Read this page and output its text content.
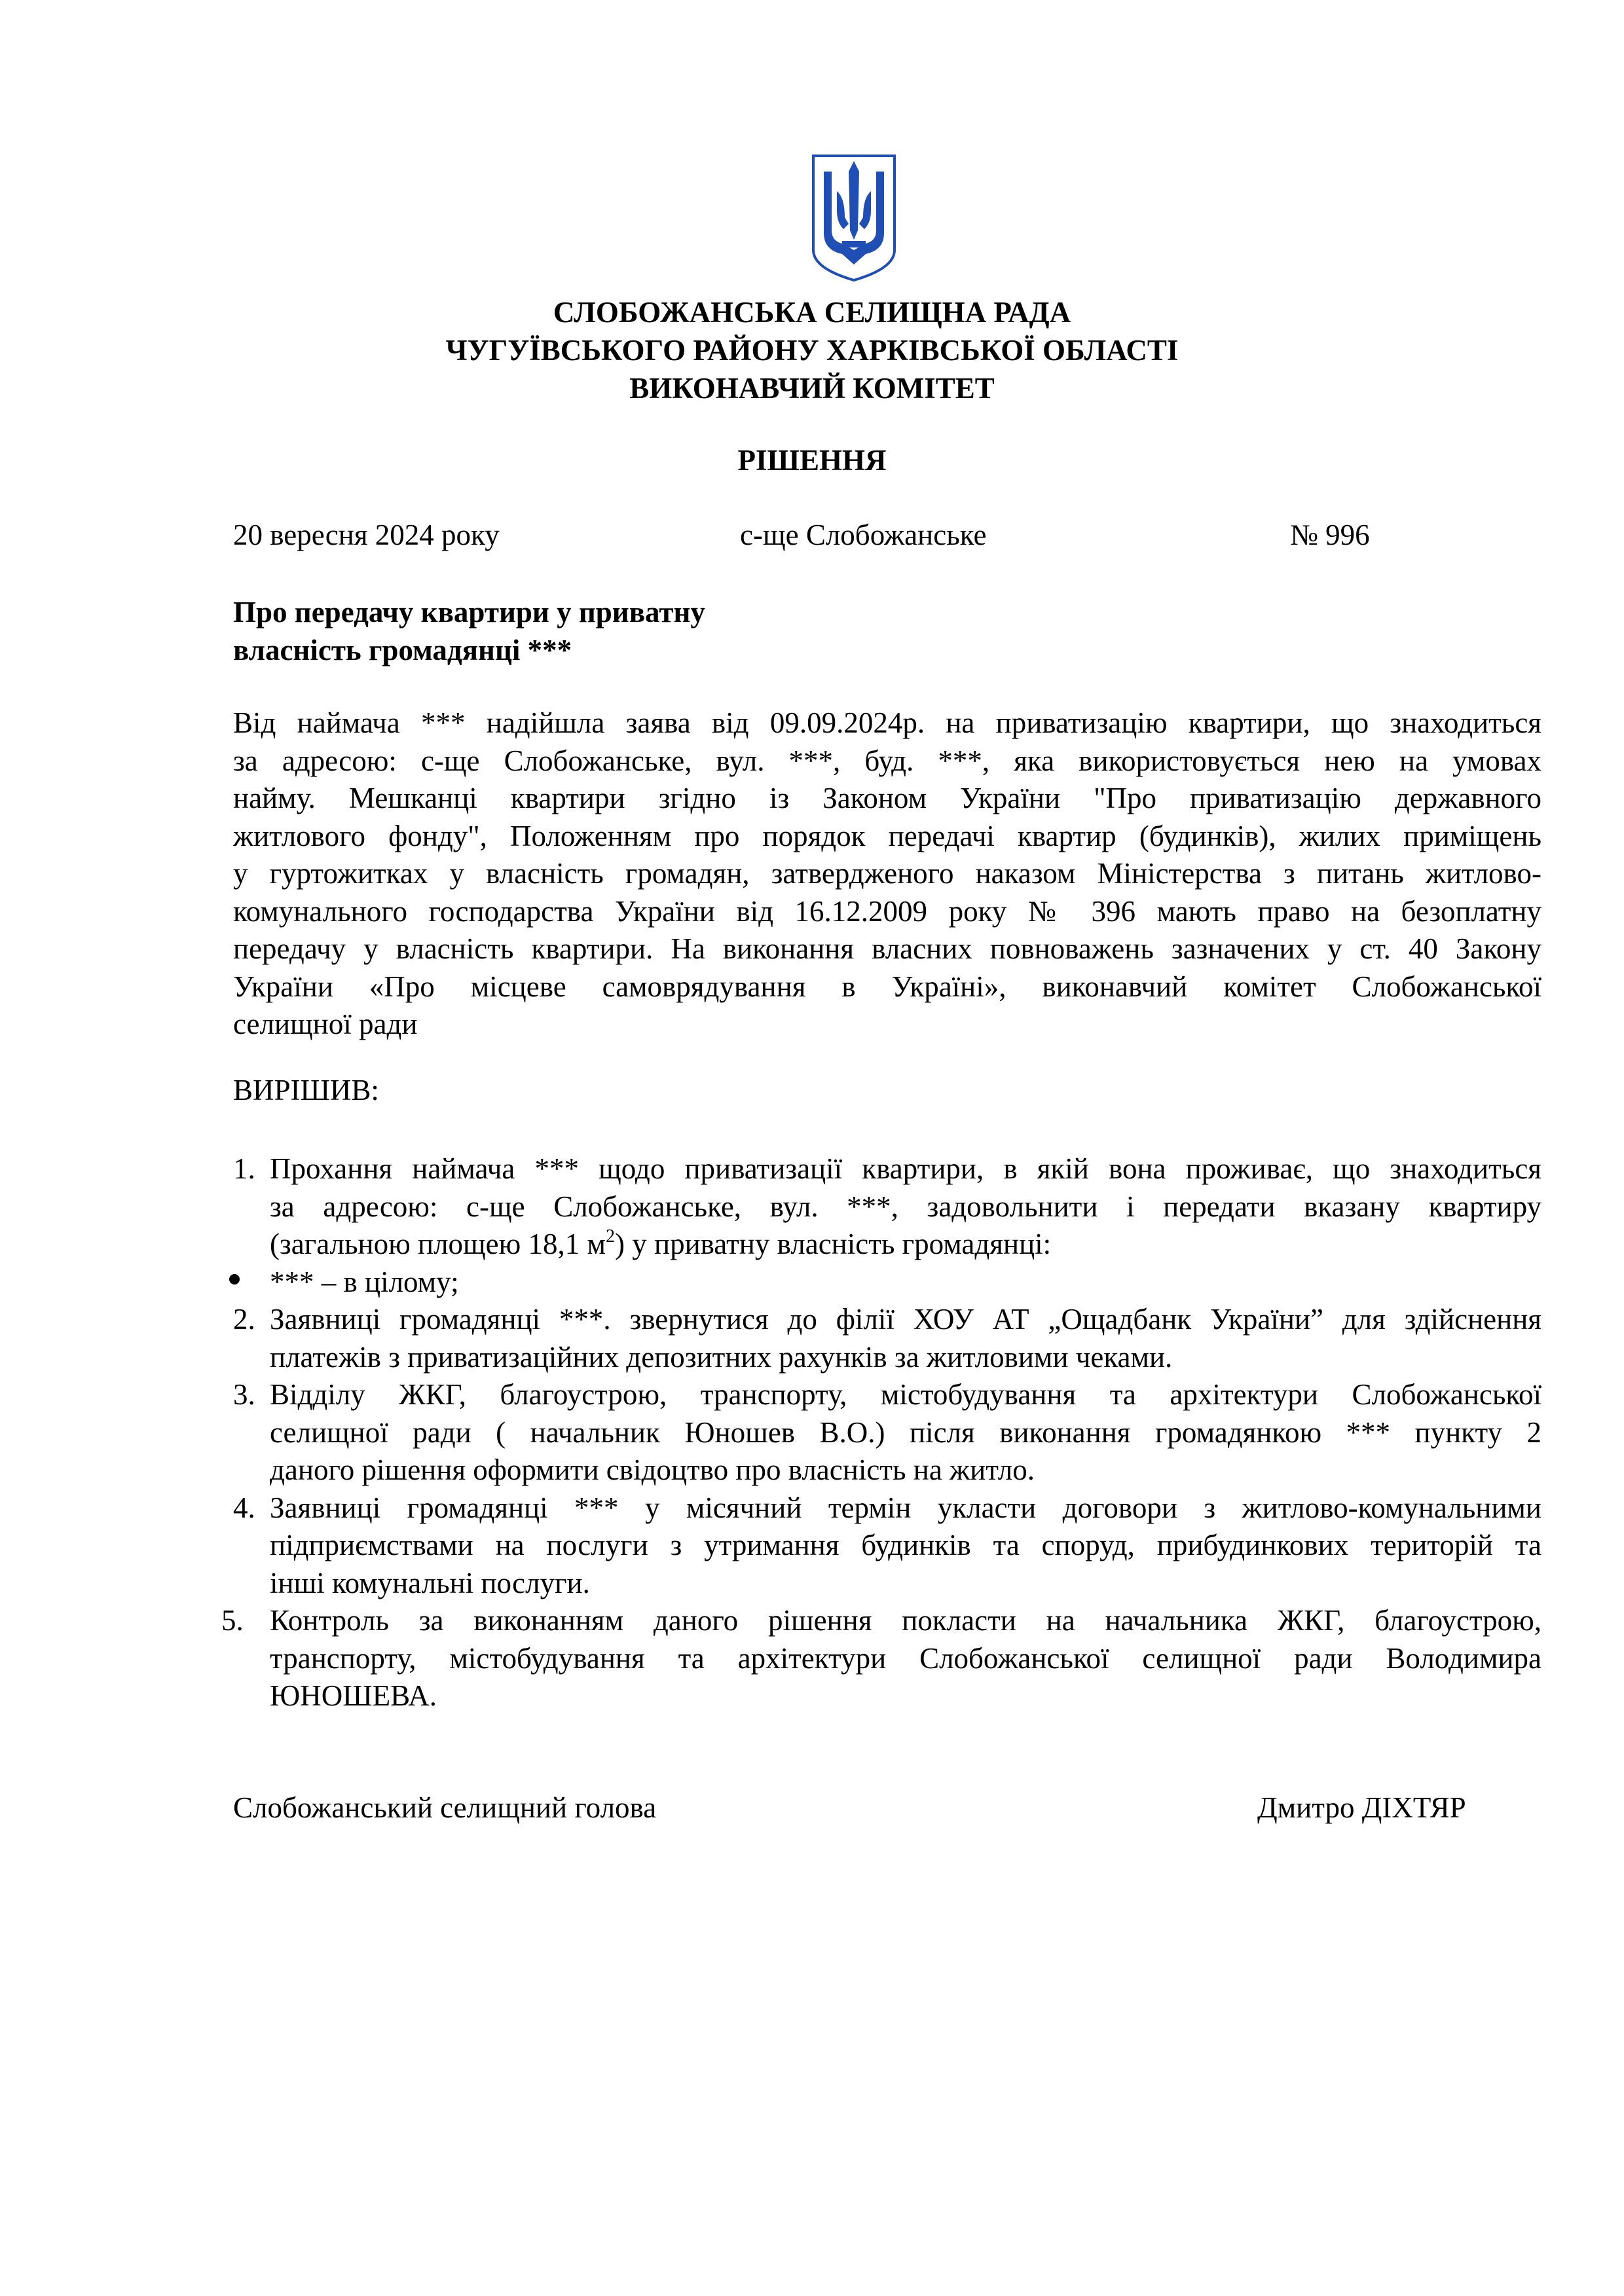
СЛОБОЖАНСЬКА СЕЛИЩНА РАДА
ЧУГУЇВСЬКОГО РАЙОНУ ХАРКІВСЬКОЇ ОБЛАСТІ
ВИКОНАВЧИЙ КОМІТЕТ
РІШЕННЯ
20 вересня 2024 року	с-ще Слобожанське	№ 996
Про передачу квартири у приватну
власність громадянці ***
Від наймача *** надійшла заява від 09.09.2024р. на приватизацію квартири, що знаходиться
за адресою: с-ще Слобожанське, вул. ***, буд. ***, яка використовується нею на умовах
найму. Мешканці квартири згідно із Законом України "Про приватизацію державного
житлового фонду", Положенням про порядок передачі квартир (будинків), жилих приміщень
у гуртожитках у власність громадян, затвердженого наказом Міністерства з питань житлово-
комунального господарства України від 16.12.2009 року № 396 мають право на безоплатну
передачу у власність квартири. На виконання власних повноважень зазначених у ст. 40 Закону
України «Про місцеве самоврядування в Україні», виконавчий комітет Слобожанської
селищної ради
ВИРІШИВ:
1. Прохання наймача *** щодо приватизації квартири, в якій вона проживає, що знаходиться
за адресою: с-ще Слобожанське, вул. ***, задовольнити і передати вказану квартиру
(загальною площею 18,1 $м^2$) у приватну власність громадянці:
*** – в цілому;
2. Заявниці громадянці ***. звернутися до філії ХОУ АТ „Ощадбанк України” для здійснення
платежів з приватизаційних депозитних рахунків за житловими чеками.
3. Відділу ЖКГ, благоустрою, транспорту, містобудування та архітектури Слобожанської
селищної ради ( начальник Юношев В.О.) після виконання громадянкою *** пункту 2
даного рішення оформити свідоцтво про власність на житло.
4. Заявниці громадянці *** у місячний термін укласти договори з житлово-комунальними
підприємствами на послуги з утримання будинків та споруд, прибудинкових територій та
інші комунальні послуги.
5. Контроль за виконанням даного рішення покласти на начальника ЖКГ, благоустрою,
транспорту, містобудування та архітектури Слобожанської селищної ради Володимира
ЮНОШЕВА.
Слобожанський селищний голова	Дмитро ДІХТЯР
